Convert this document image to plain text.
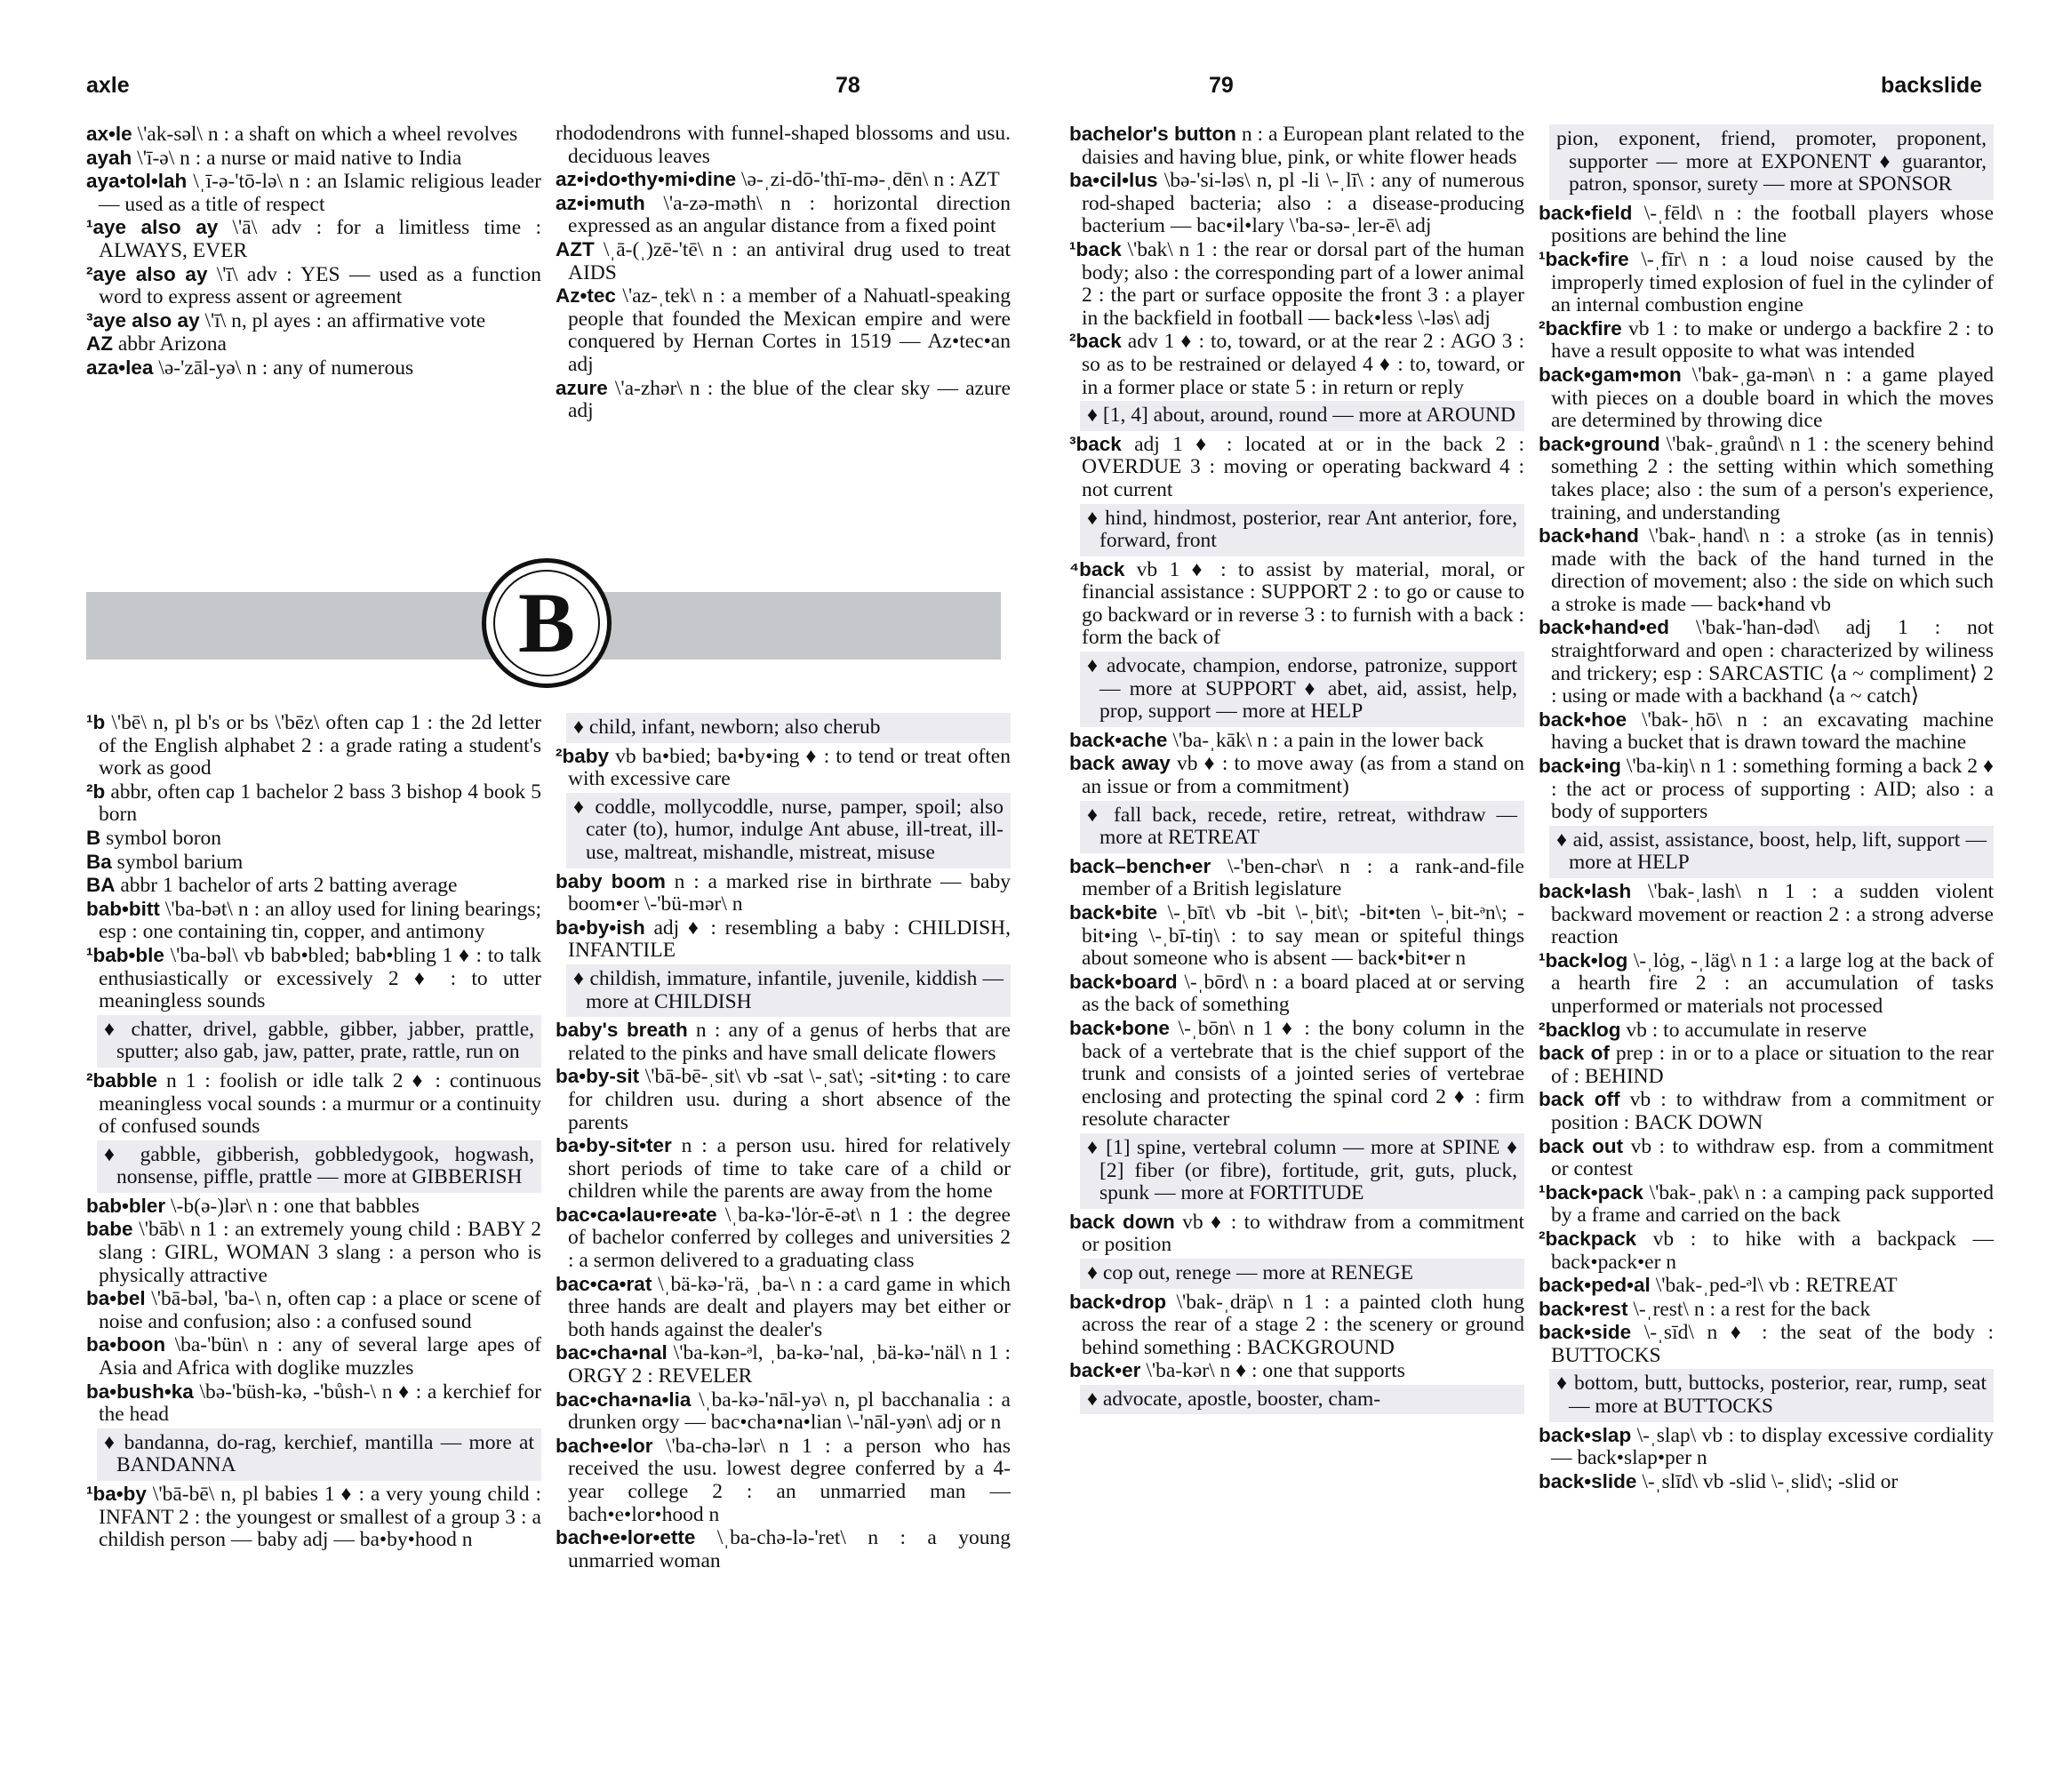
axle	78	79	backslide
B

ax•le \'ak-səl\ n : a shaft on which a wheel revolves

ayah \'ī-ə\ n : a nurse or maid native to India

aya•tol•lah \ˌī-ə-'tō-lə\ n : an Islamic religious leader — used as a title of respect

¹aye also ay \'ā\ adv : for a limitless time : ALWAYS, EVER

²aye also ay \'ī\ adv : YES — used as a function word to express assent or agreement

³aye also ay \'ī\ n, pl ayes : an affirmative vote

AZ abbr Arizona

aza•lea \ə-'zāl-yə\ n : any of numerous

rhododendrons with funnel-shaped blossoms and usu. deciduous leaves

az•i•do•thy•mi•dine \ə-ˌzi-dō-'thī-mə-ˌdēn\ n : AZT

az•i•muth \'a-zə-məth\ n : horizontal direction expressed as an angular distance from a fixed point

AZT \ˌā-(ˌ)zē-'tē\ n : an antiviral drug used to treat AIDS

Az•tec \'az-ˌtek\ n : a member of a Nahuatl-speaking people that founded the Mexican empire and were conquered by Hernan Cortes in 1519 — Az•tec•an adj

azure \'a-zhər\ n : the blue of the clear sky — azure adj

¹b \'bē\ n, pl b's or bs \'bēz\ often cap 1 : the 2d letter of the English alphabet 2 : a grade rating a student's work as good

²b abbr, often cap 1 bachelor 2 bass 3 bishop 4 book 5 born

B symbol boron

Ba symbol barium

BA abbr 1 bachelor of arts 2 batting average

bab•bitt \'ba-bət\ n : an alloy used for lining bearings; esp : one containing tin, copper, and antimony

¹bab•ble \'ba-bəl\ vb bab•bled; bab•bling 1 ♦ : to talk enthusiastically or excessively 2 ♦ : to utter meaningless sounds

♦ chatter, drivel, gabble, gibber, jabber, prattle, sputter; also gab, jaw, patter, prate, rattle, run on

²babble n 1 : foolish or idle talk 2 ♦ : continuous meaningless vocal sounds : a murmur or a continuity of confused sounds

♦ gabble, gibberish, gobbledygook, hogwash, nonsense, piffle, prattle — more at GIBBERISH

bab•bler \-b(ə-)lər\ n : one that babbles

babe \'bāb\ n 1 : an extremely young child : BABY 2 slang : GIRL, WOMAN 3 slang : a person who is physically attractive

ba•bel \'bā-bəl, 'ba-\ n, often cap : a place or scene of noise and confusion; also : a confused sound

ba•boon \ba-'bün\ n : any of several large apes of Asia and Africa with doglike muzzles

ba•bush•ka \bə-'büsh-kə, -'bůsh-\ n ♦ : a kerchief for the head

♦ bandanna, do-rag, kerchief, mantilla — more at BANDANNA

¹ba•by \'bā-bē\ n, pl babies 1 ♦ : a very young child : INFANT 2 : the youngest or smallest of a group 3 : a childish person — baby adj — ba•by•hood n

♦ child, infant, newborn; also cherub

²baby vb ba•bied; ba•by•ing ♦ : to tend or treat often with excessive care

♦ coddle, mollycoddle, nurse, pamper, spoil; also cater (to), humor, indulge Ant abuse, ill-treat, ill-use, maltreat, mishandle, mistreat, misuse

baby boom n : a marked rise in birthrate — baby boom•er \-'bü-mər\ n

ba•by•ish adj ♦ : resembling a baby : CHILDISH, INFANTILE

♦ childish, immature, infantile, juvenile, kiddish — more at CHILDISH

baby's breath n : any of a genus of herbs that are related to the pinks and have small delicate flowers

ba•by-sit \'bā-bē-ˌsit\ vb -sat \-ˌsat\; -sit•ting : to care for children usu. during a short absence of the parents

ba•by-sit•ter n : a person usu. hired for relatively short periods of time to take care of a child or children while the parents are away from the home

bac•ca•lau•re•ate \ˌba-kə-'lȯr-ē-ət\ n 1 : the degree of bachelor conferred by colleges and universities 2 : a sermon delivered to a graduating class

bac•ca•rat \ˌbä-kə-'rä, ˌba-\ n : a card game in which three hands are dealt and players may bet either or both hands against the dealer's

bac•cha•nal \'ba-kən-ᵊl, ˌba-kə-'nal, ˌbä-kə-'näl\ n 1 : ORGY 2 : REVELER

bac•cha•na•lia \ˌba-kə-'nāl-yə\ n, pl bacchanalia : a drunken orgy — bac•cha•na•lian \-'nāl-yən\ adj or n

bach•e•lor \'ba-chə-lər\ n 1 : a person who has received the usu. lowest degree conferred by a 4-year college 2 : an unmarried man — bach•e•lor•hood n

bach•e•lor•ette \ˌba-chə-lə-'ret\ n : a young unmarried woman

bachelor's button n : a European plant related to the daisies and having blue, pink, or white flower heads

ba•cil•lus \bə-'si-ləs\ n, pl -li \-ˌlī\ : any of numerous rod-shaped bacteria; also : a disease-producing bacterium — bac•il•lary \'ba-sə-ˌler-ē\ adj

¹back \'bak\ n 1 : the rear or dorsal part of the human body; also : the corresponding part of a lower animal 2 : the part or surface opposite the front 3 : a player in the backfield in football — back•less \-ləs\ adj

²back adv 1 ♦ : to, toward, or at the rear 2 : AGO 3 : so as to be restrained or delayed 4 ♦ : to, toward, or in a former place or state 5 : in return or reply

♦ [1, 4] about, around, round — more at AROUND

³back adj 1 ♦ : located at or in the back 2 : OVERDUE 3 : moving or operating backward 4 : not current

♦ hind, hindmost, posterior, rear Ant anterior, fore, forward, front

⁴back vb 1 ♦ : to assist by material, moral, or financial assistance : SUPPORT 2 : to go or cause to go backward or in reverse 3 : to furnish with a back : form the back of

♦ advocate, champion, endorse, patronize, support — more at SUPPORT ♦ abet, aid, assist, help, prop, support — more at HELP

back•ache \'ba-ˌkāk\ n : a pain in the lower back

back away vb ♦ : to move away (as from a stand on an issue or from a commitment)

♦ fall back, recede, retire, retreat, withdraw — more at RETREAT

back–bench•er \-'ben-chər\ n : a rank-and-file member of a British legislature

back•bite \-ˌbīt\ vb -bit \-ˌbit\; -bit•ten \-ˌbit-ᵊn\; -bit•ing \-ˌbī-tiŋ\ : to say mean or spiteful things about someone who is absent — back•bit•er n

back•board \-ˌbōrd\ n : a board placed at or serving as the back of something

back•bone \-ˌbōn\ n 1 ♦ : the bony column in the back of a vertebrate that is the chief support of the trunk and consists of a jointed series of vertebrae enclosing and protecting the spinal cord 2 ♦ : firm resolute character

♦ [1] spine, vertebral column — more at SPINE ♦ [2] fiber (or fibre), fortitude, grit, guts, pluck, spunk — more at FORTITUDE

back down vb ♦ : to withdraw from a commitment or position

♦ cop out, renege — more at RENEGE

back•drop \'bak-ˌdräp\ n 1 : a painted cloth hung across the rear of a stage 2 : the scenery or ground behind something : BACKGROUND

back•er \'ba-kər\ n ♦ : one that supports

♦ advocate, apostle, booster, cham-

pion, exponent, friend, promoter, proponent, supporter — more at EXPONENT ♦ guarantor, patron, sponsor, surety — more at SPONSOR

back•field \-ˌfēld\ n : the football players whose positions are behind the line

¹back•fire \-ˌfīr\ n : a loud noise caused by the improperly timed explosion of fuel in the cylinder of an internal combustion engine

²backfire vb 1 : to make or undergo a backfire 2 : to have a result opposite to what was intended

back•gam•mon \'bak-ˌga-mən\ n : a game played with pieces on a double board in which the moves are determined by throwing dice

back•ground \'bak-ˌgraůnd\ n 1 : the scenery behind something 2 : the setting within which something takes place; also : the sum of a person's experience, training, and understanding

back•hand \'bak-ˌhand\ n : a stroke (as in tennis) made with the back of the hand turned in the direction of movement; also : the side on which such a stroke is made — back•hand vb

back•hand•ed \'bak-'han-dəd\ adj 1 : not straightforward and open : characterized by wiliness and trickery; esp : SARCASTIC ⟨a ~ compliment⟩ 2 : using or made with a backhand ⟨a ~ catch⟩

back•hoe \'bak-ˌhō\ n : an excavating machine having a bucket that is drawn toward the machine

back•ing \'ba-kiŋ\ n 1 : something forming a back 2 ♦ : the act or process of supporting : AID; also : a body of supporters

♦ aid, assist, assistance, boost, help, lift, support — more at HELP

back•lash \'bak-ˌlash\ n 1 : a sudden violent backward movement or reaction 2 : a strong adverse reaction

¹back•log \-ˌlȯg, -ˌläg\ n 1 : a large log at the back of a hearth fire 2 : an accumulation of tasks unperformed or materials not processed

²backlog vb : to accumulate in reserve

back of prep : in or to a place or situation to the rear of : BEHIND

back off vb : to withdraw from a commitment or position : BACK DOWN

back out vb : to withdraw esp. from a commitment or contest

¹back•pack \'bak-ˌpak\ n : a camping pack supported by a frame and carried on the back

²backpack vb : to hike with a backpack — back•pack•er n

back•ped•al \'bak-ˌped-ᵊl\ vb : RETREAT

back•rest \-ˌrest\ n : a rest for the back

back•side \-ˌsīd\ n ♦ : the seat of the body : BUTTOCKS

♦ bottom, butt, buttocks, posterior, rear, rump, seat — more at BUTTOCKS

back•slap \-ˌslap\ vb : to display excessive cordiality — back•slap•per n

back•slide \-ˌslīd\ vb -slid \-ˌslid\; -slid or
